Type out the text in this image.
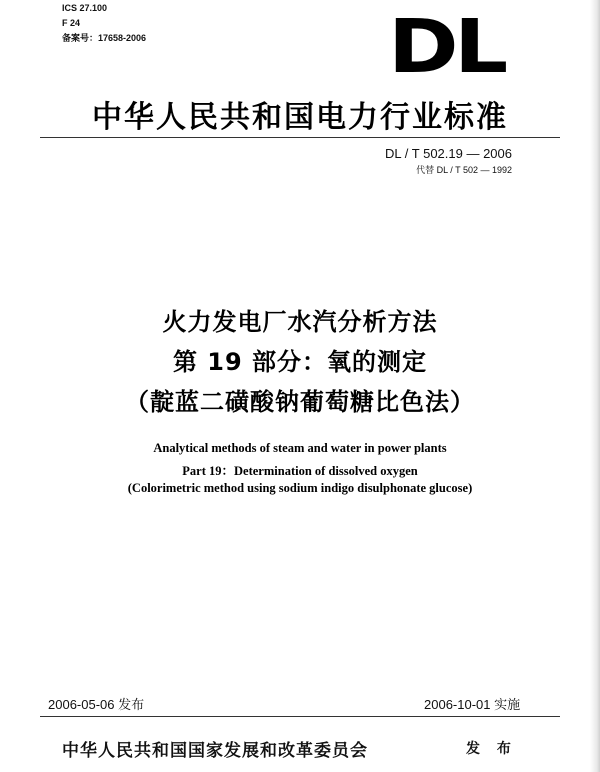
ICS 27.100
F 24
备案号：17658-2006	DL
中华人民共和国电力行业标准
DL / T 502.19 — 2006
代替 DL / T 502 — 1992
火力发电厂水汽分析方法
第 19 部分：氧的测定
（靛蓝二磺酸钠葡萄糖比色法）
Analytical methods of steam and water in power plants
Part 19：Determination of dissolved oxygen
(Colorimetric method using sodium indigo disulphonate glucose)
2006-05-06 发布	2006-10-01 实施
中华人民共和国国家发展和改革委员会	发 布
